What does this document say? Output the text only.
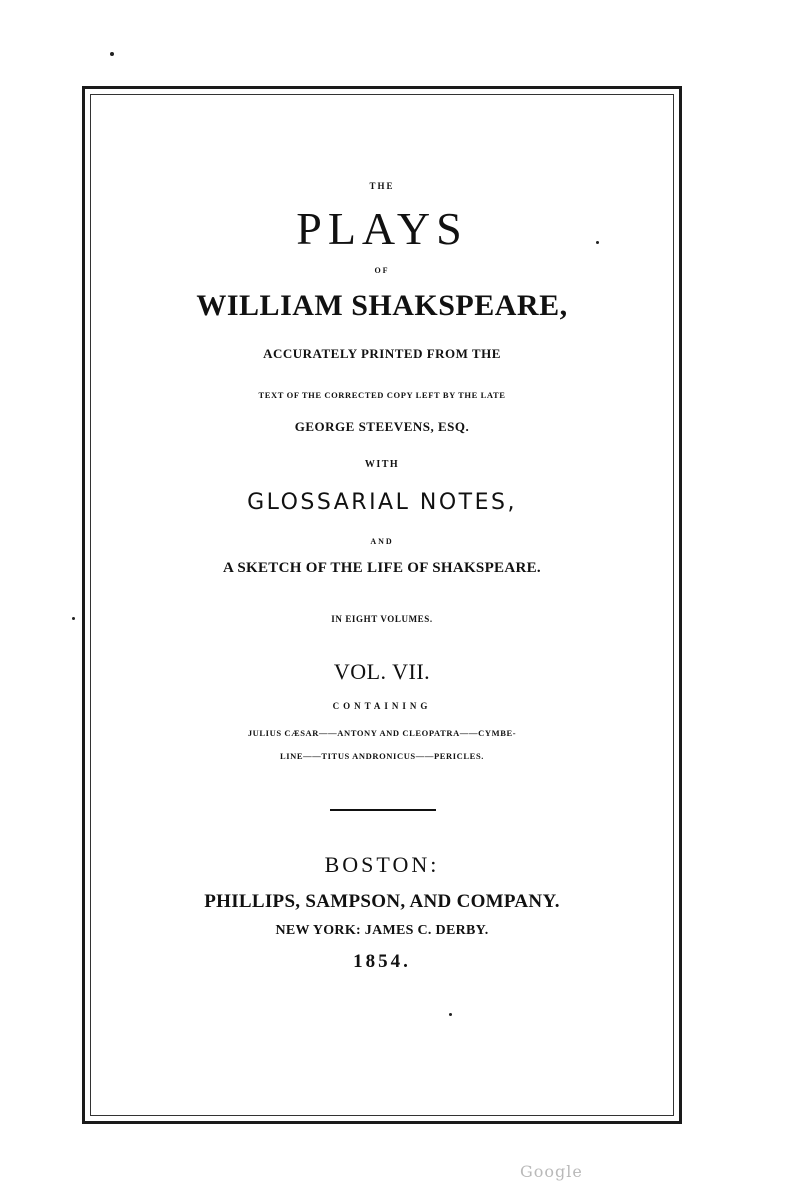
THE
PLAYS
OF
WILLIAM SHAKSPEARE,
ACCURATELY PRINTED FROM THE
TEXT OF THE CORRECTED COPY LEFT BY THE LATE
GEORGE STEEVENS, ESQ.
WITH
GLOSSARIAL NOTES,
AND
A SKETCH OF THE LIFE OF SHAKSPEARE.
IN EIGHT VOLUMES.
VOL. VII.
CONTAINING
JULIUS CÆSAR——ANTONY AND CLEOPATRA——CYMBE-
LINE——TITUS ANDRONICUS——PERICLES.
BOSTON:
PHILLIPS, SAMPSON, AND COMPANY.
NEW YORK: JAMES C. DERBY.
1854.
Google
